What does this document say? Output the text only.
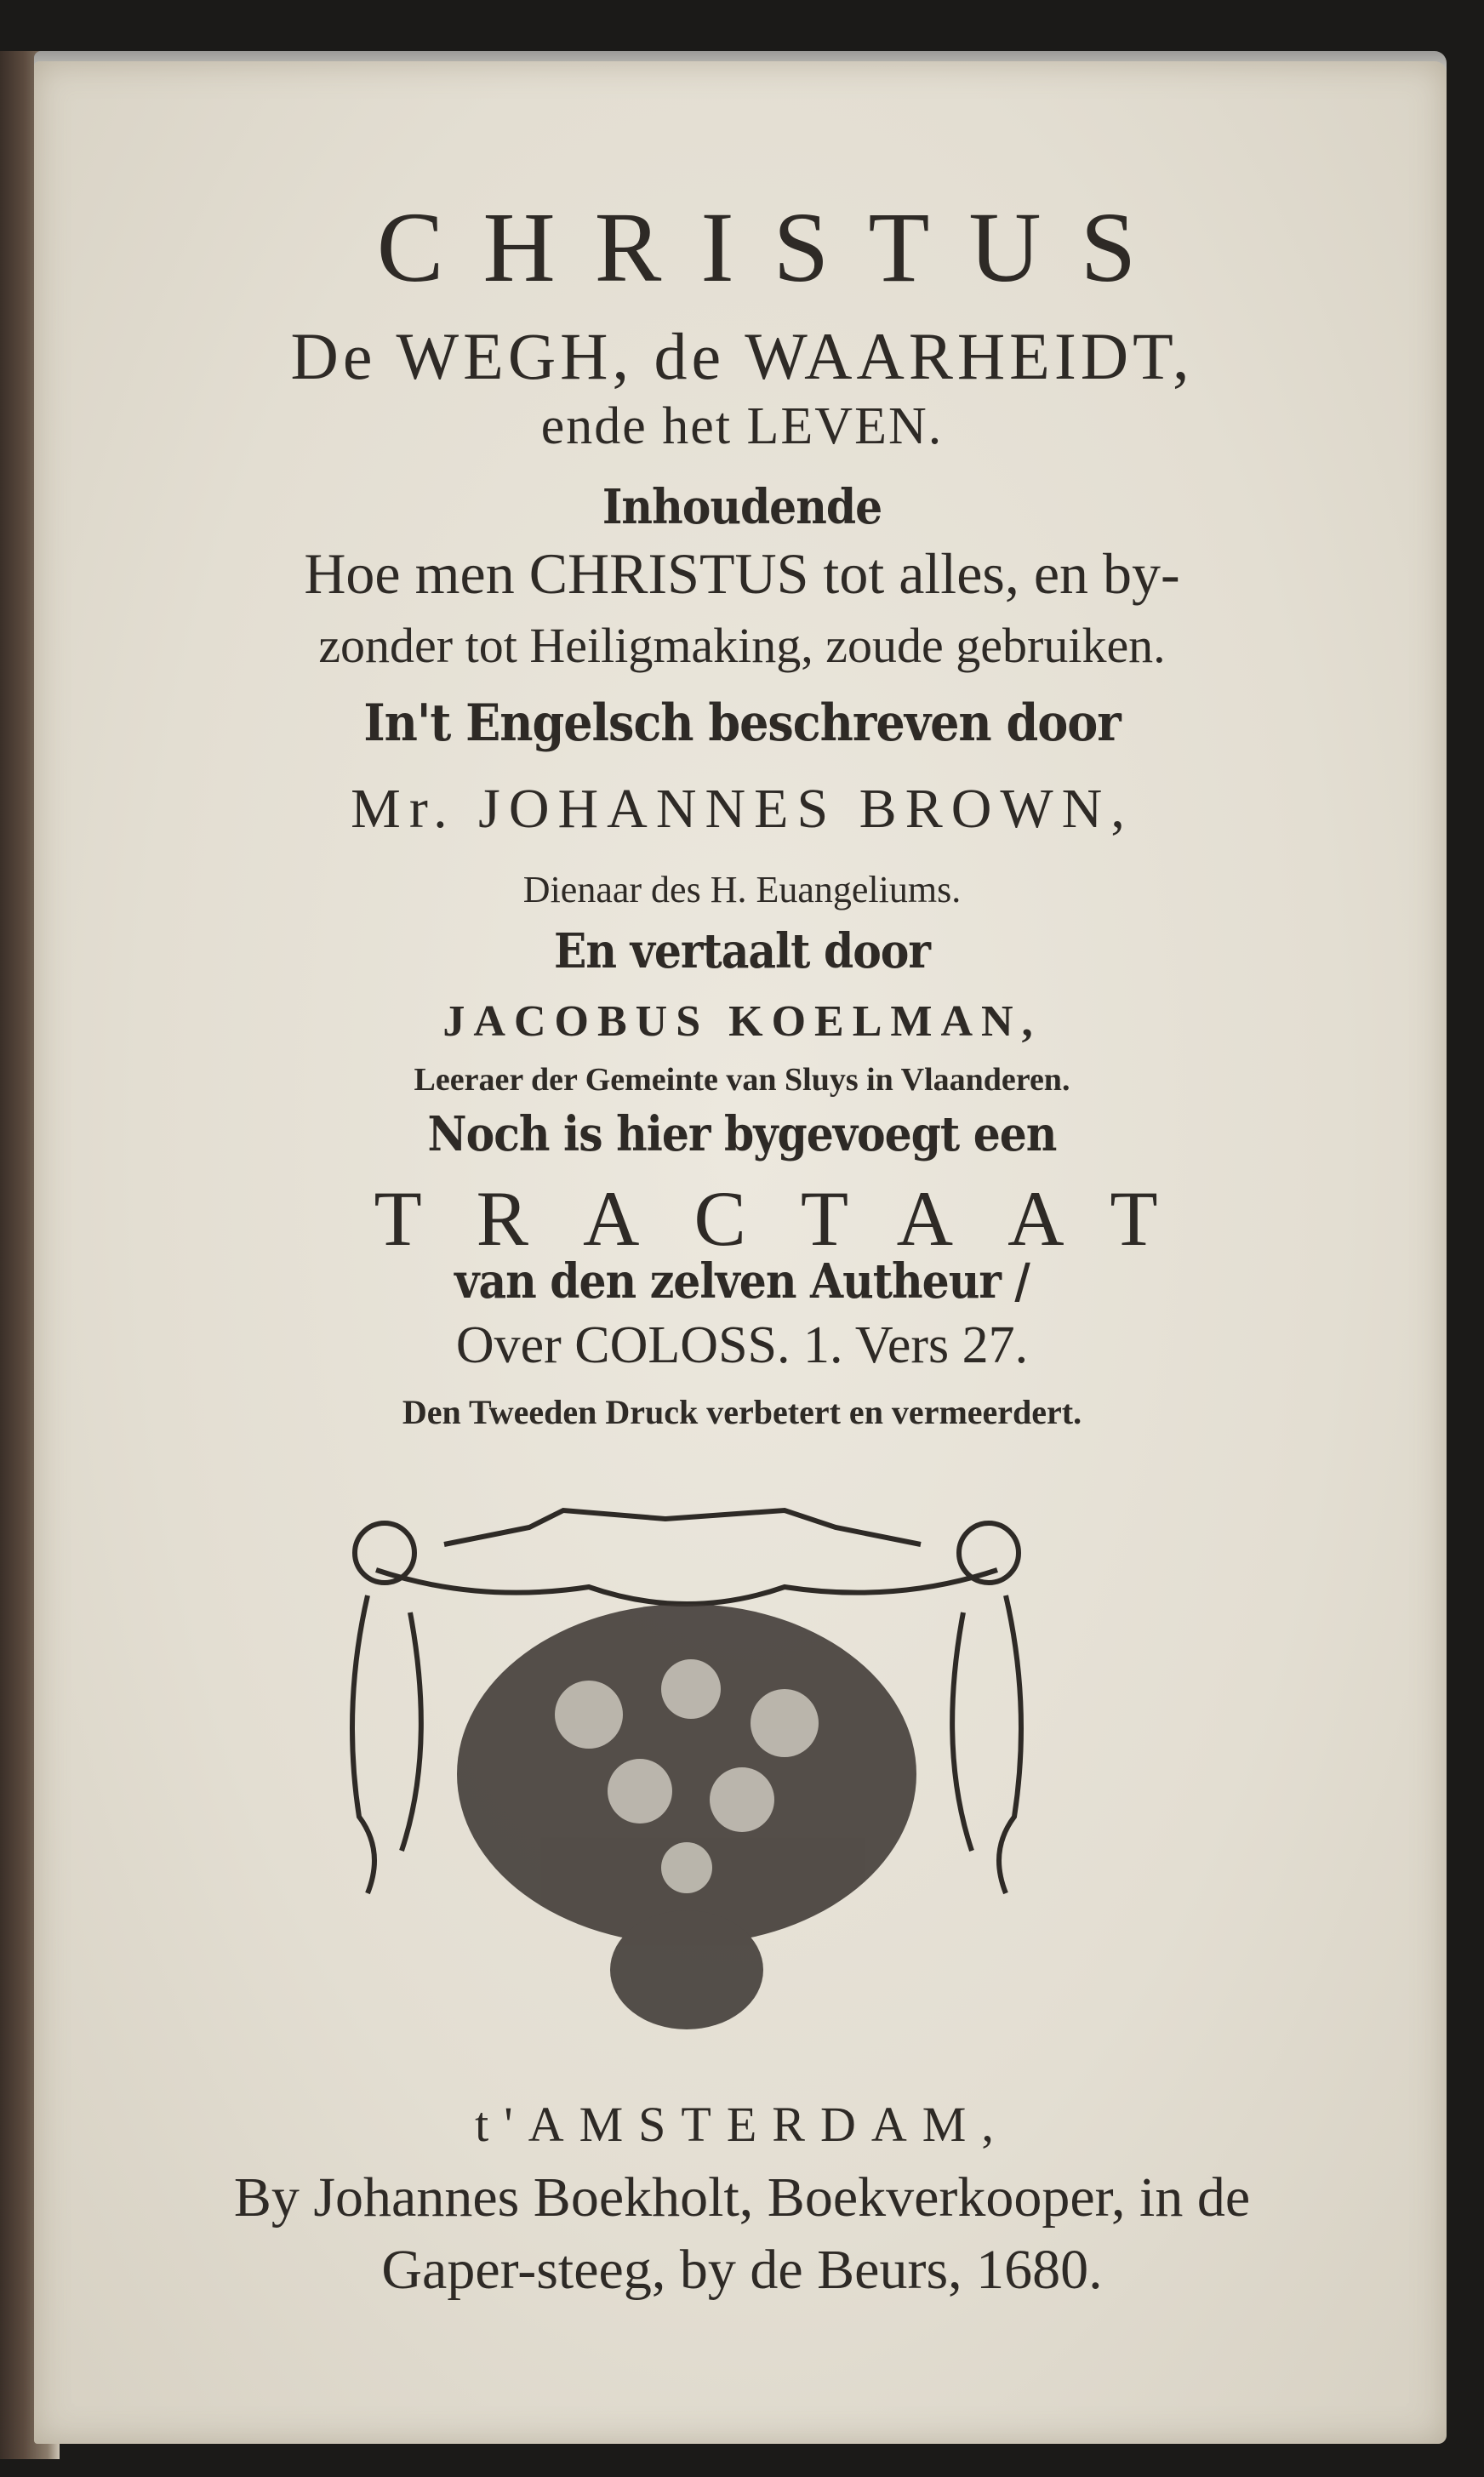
CHRISTUS
De WEGH, de WAARHEIDT,
ende het LEVEN.
Inhoudende
Hoe men CHRISTUS tot alles, en by-
zonder tot Heiligmaking, zoude gebruiken.
In't Engelsch beschreven door
Mr. JOHANNES BROWN,
Dienaar des H. Euangeliums.
En vertaalt door
JACOBUS KOELMAN,
Leeraer der Gemeinte van Sluys in Vlaanderen.
Noch is hier bygevoegt een
TRACTAAT
van den zelven Autheur /
Over COLOSS. 1. Vers 27.
Den Tweeden Druck verbetert en vermeerdert.
t'AMSTERDAM,
By Johannes Boekholt, Boekverkooper, in de
Gaper-steeg, by de Beurs, 1680.
